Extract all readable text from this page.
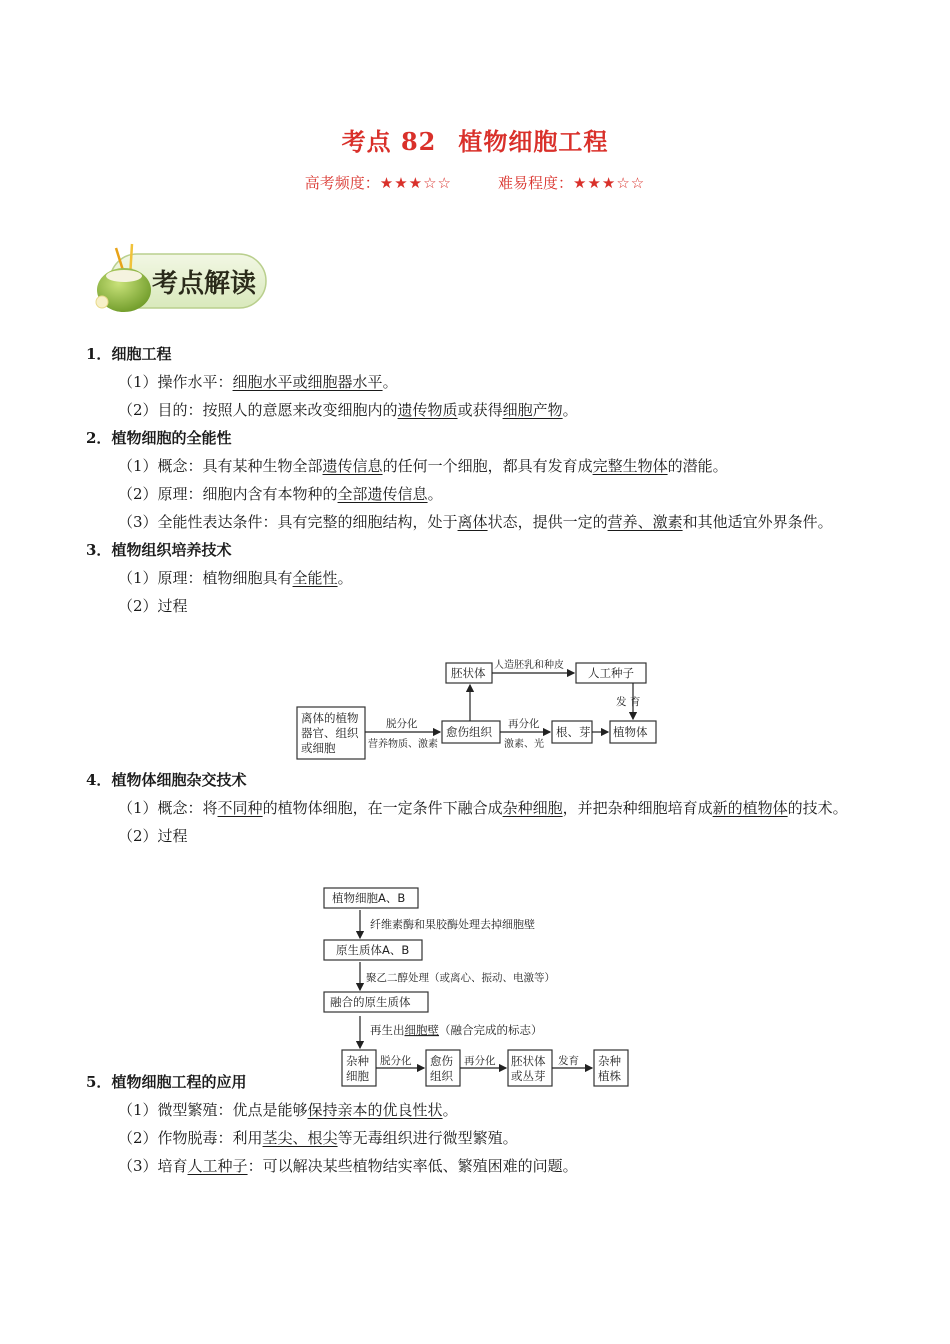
考点 82 植物细胞工程
高考频度：★★★☆☆	难易程度：★★★☆☆
考点解读

1．细胞工程

（1）操作水平：细胞水平或细胞器水平。

（2）目的：按照人的意愿来改变细胞内的遗传物质或获得细胞产物。

2．植物细胞的全能性

（1）概念：具有某种生物全部遗传信息的任何一个细胞，都具有发育成完整生物体的潜能。

（2）原理：细胞内含有本物种的全部遗传信息。

（3）全能性表达条件：具有完整的细胞结构，处于离体状态，提供一定的营养、激素和其他适宜外界条件。

3．植物组织培养技术

（1）原理：植物细胞具有全能性。

（2）过程

4．植物体细胞杂交技术

（1）概念：将不同种的植物体细胞，在一定条件下融合成杂种细胞，并把杂种细胞培育成新的植物体的技术。

（2）过程

5．植物细胞工程的应用

（1）微型繁殖：优点是能够保持亲本的优良性状。

（2）作物脱毒：利用茎尖、根尖等无毒组织进行微型繁殖。

（3）培育人工种子：可以解决某些植物结实率低、繁殖困难的问题。

离体的植物
器官、组织
或细胞
脱分化
营养物质、激素
愈伤组织
再分化
激素、光
根、芽 植物体
胚状体
人造胚乳和种皮
人工种子
发 育
植物细胞A、B
纤维素酶和果胶酶处理去掉细胞壁
原生质体A、B
聚乙二醇处理（或离心、振动、电激等）
融合的原生质体
再生出细胞壁（融合完成的标志）
杂种
细胞
脱分化 愈伤
组织
再分化 胚状体
或丛芽
发育 杂种
植株
